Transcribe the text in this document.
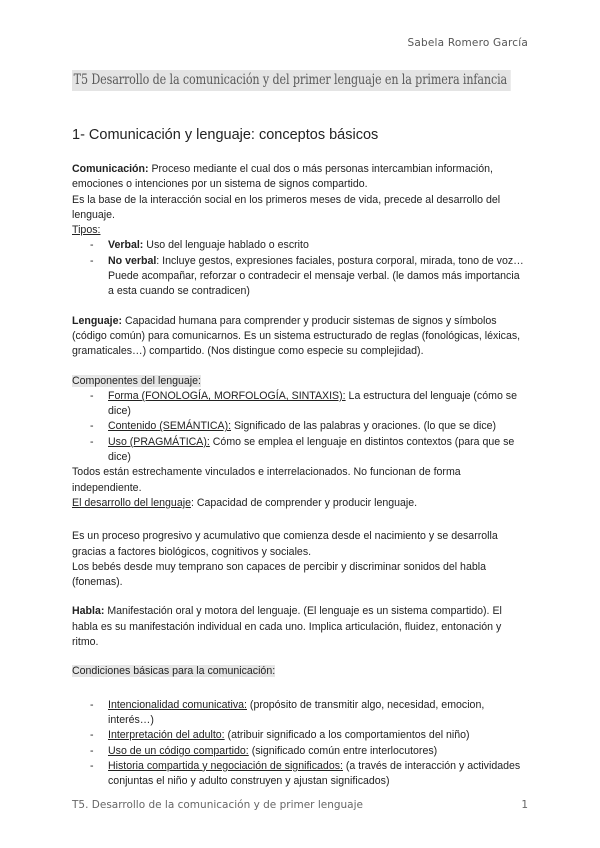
Sabela Romero García
T5 Desarrollo de la comunicación y del primer lenguaje en la primera infancia
1- Comunicación y lenguaje: conceptos básicos

Comunicación: Proceso mediante el cual dos o más personas intercambian información, emociones o intenciones por un sistema de signos compartido.

Es la base de la interacción social en los primeros meses de vida, precede al desarrollo del lenguaje.

Tipos:

- Verbal: Uso del lenguaje hablado o escrito
- No verbal: Incluye gestos, expresiones faciales, postura corporal, mirada, tono de voz… Puede acompañar, reforzar o contradecir el mensaje verbal. (le damos más importancia a esta cuando se contradicen)

Lenguaje: Capacidad humana para comprender y producir sistemas de signos y símbolos (código común) para comunicarnos. Es un sistema estructurado de reglas (fonológicas, léxicas, gramaticales…) compartido. (Nos distingue como especie su complejidad).

Componentes del lenguaje:

- Forma (FONOLOGÍA, MORFOLOGÍA, SINTAXIS): La estructura del lenguaje (cómo se dice)
- Contenido (SEMÁNTICA): Significado de las palabras y oraciones. (lo que se dice)
- Uso (PRAGMÁTICA): Cómo se emplea el lenguaje en distintos contextos (para que se dice)

Todos están estrechamente vinculados e interrelacionados. No funcionan de forma independiente.

El desarrollo del lenguaje: Capacidad de comprender y producir lenguaje.

Es un proceso progresivo y acumulativo que comienza desde el nacimiento y se desarrolla gracias a factores biológicos, cognitivos y sociales.

Los bebés desde muy temprano son capaces de percibir y discriminar sonidos del habla (fonemas).

Habla: Manifestación oral y motora del lenguaje. (El lenguaje es un sistema compartido). El habla es su manifestación individual en cada uno. Implica articulación, fluidez, entonación y ritmo.

Condiciones básicas para la comunicación:

- Intencionalidad comunicativa: (propósito de transmitir algo, necesidad, emocion, interés…)
- Interpretación del adulto: (atribuir significado a los comportamientos del niño)
- Uso de un código compartido: (significado común entre interlocutores)
- Historia compartida y negociación de significados: (a través de interacción y actividades conjuntas el niño y adulto construyen y ajustan significados)
T5. Desarrollo de la comunicación y de primer lenguaje	1
